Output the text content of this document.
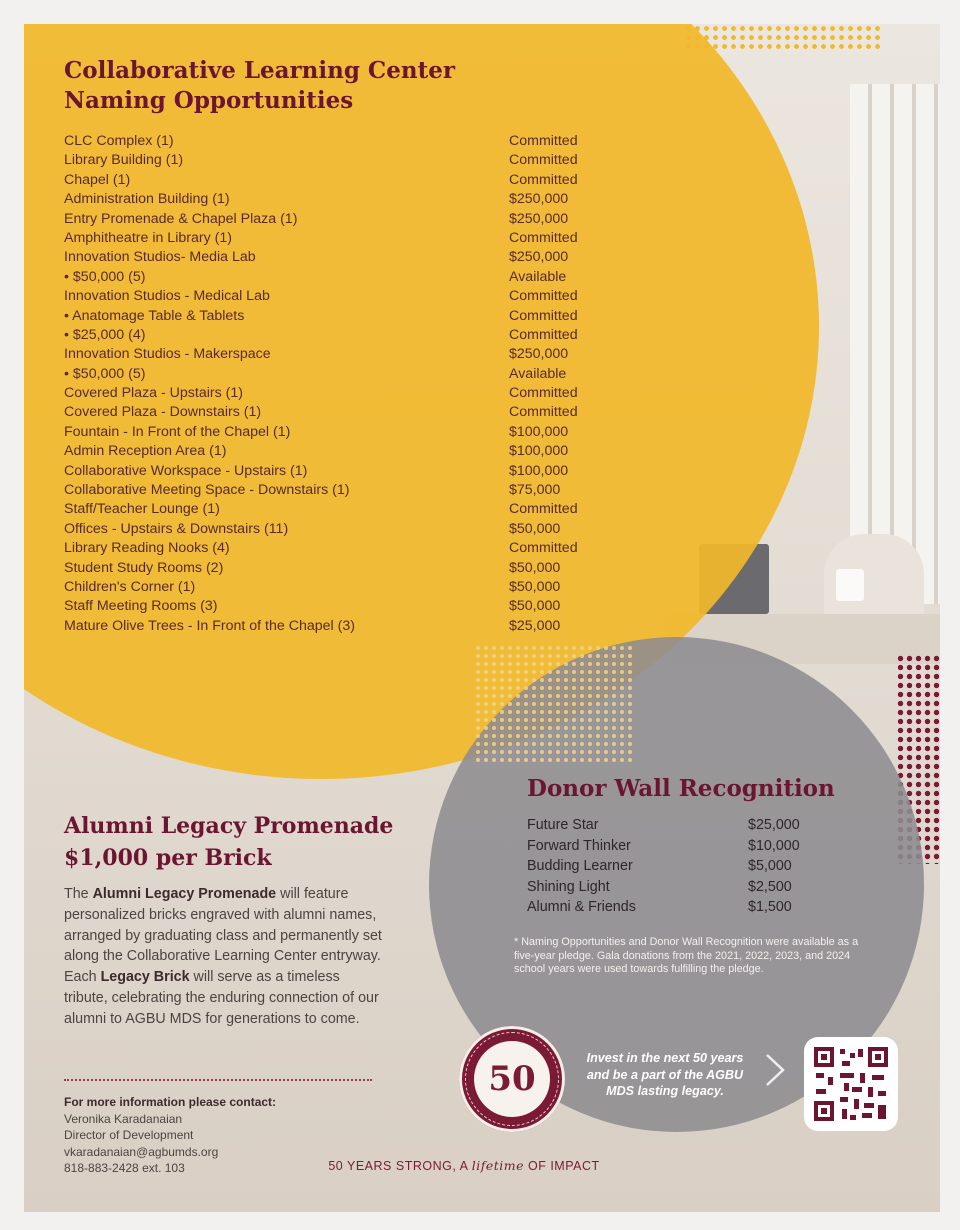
Collaborative Learning Center
Naming Opportunities
CLC Complex (1)	Committed
Library Building (1)	Committed
Chapel (1)	Committed
Administration Building (1)	$250,000
Entry Promenade & Chapel Plaza (1)	$250,000
Amphitheatre in Library (1)	Committed
Innovation Studios- Media Lab	$250,000
• $50,000 (5)	Available
Innovation Studios - Medical Lab	Committed
• Anatomage Table & Tablets	Committed
• $25,000 (4)	Committed
Innovation Studios - Makerspace	$250,000
• $50,000 (5)	Available
Covered Plaza - Upstairs (1)	Committed
Covered Plaza - Downstairs (1)	Committed
Fountain - In Front of the Chapel (1)	$100,000
Admin Reception Area (1)	$100,000
Collaborative Workspace - Upstairs (1)	$100,000
Collaborative Meeting Space - Downstairs (1)	$75,000
Staff/Teacher Lounge (1)	Committed
Offices - Upstairs & Downstairs (11)	$50,000
Library Reading Nooks (4)	Committed
Student Study Rooms (2)	$50,000
Children's Corner (1)	$50,000
Staff Meeting Rooms (3)	$50,000
Mature Olive Trees - In Front of the Chapel (3)	$25,000
Alumni Legacy Promenade
$1,000 per Brick

The Alumni Legacy Promenade will feature personalized bricks engraved with alumni names, arranged by graduating class and permanently set along the Collaborative Learning Center entryway. Each Legacy Brick will serve as a timeless tribute, celebrating the enduring connection of our alumni to AGBU MDS for generations to come.

For more information please contact:
Veronika Karadanaian
Director of Development
vkaradanaian@agbumds.org
818-883-2428 ext. 103
Donor Wall Recognition
Future Star	$25,000
Forward Thinker	$10,000
Budding Learner	$5,000
Shining Light	$2,500
Alumni & Friends	$1,500

* Naming Opportunities and Donor Wall Recognition were available as a five-year pledge. Gala donations from the 2021, 2022, 2023, and 2024 school years were used towards fulfilling the pledge.

50
Invest in the next 50 years and be a part of the AGBU MDS lasting legacy.
50 YEARS STRONG, A lifetime OF IMPACT
